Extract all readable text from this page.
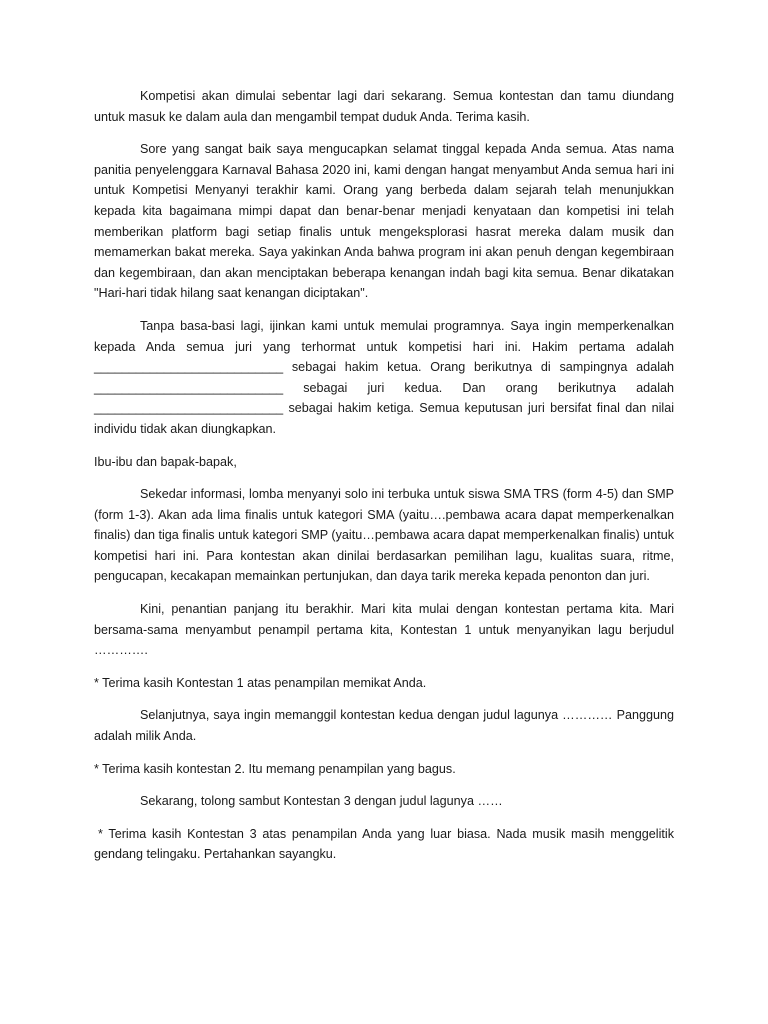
Kompetisi akan dimulai sebentar lagi dari sekarang. Semua kontestan dan tamu diundang untuk masuk ke dalam aula dan mengambil tempat duduk Anda. Terima kasih.

Sore yang sangat baik saya mengucapkan selamat tinggal kepada Anda semua. Atas nama panitia penyelenggara Karnaval Bahasa 2020 ini, kami dengan hangat menyambut Anda semua hari ini untuk Kompetisi Menyanyi terakhir kami. Orang yang berbeda dalam sejarah telah menunjukkan kepada kita bagaimana mimpi dapat dan benar-benar menjadi kenyataan dan kompetisi ini telah memberikan platform bagi setiap finalis untuk mengeksplorasi hasrat mereka dalam musik dan memamerkan bakat mereka. Saya yakinkan Anda bahwa program ini akan penuh dengan kegembiraan dan kegembiraan, dan akan menciptakan beberapa kenangan indah bagi kita semua. Benar dikatakan "Hari-hari tidak hilang saat kenangan diciptakan".

Tanpa basa-basi lagi, ijinkan kami untuk memulai programnya. Saya ingin memperkenalkan kepada Anda semua juri yang terhormat untuk kompetisi hari ini. Hakim pertama adalah ___________________________ sebagai hakim ketua. Orang berikutnya di sampingnya adalah ___________________________ sebagai juri kedua. Dan orang berikutnya adalah ___________________________ sebagai hakim ketiga. Semua keputusan juri bersifat final dan nilai individu tidak akan diungkapkan.

Ibu-ibu dan bapak-bapak,

Sekedar informasi, lomba menyanyi solo ini terbuka untuk siswa SMA TRS (form 4-5) dan SMP (form 1-3). Akan ada lima finalis untuk kategori SMA (yaitu….pembawa acara dapat memperkenalkan finalis) dan tiga finalis untuk kategori SMP (yaitu…pembawa acara dapat memperkenalkan finalis) untuk kompetisi hari ini. Para kontestan akan dinilai berdasarkan pemilihan lagu, kualitas suara, ritme, pengucapan, kecakapan memainkan pertunjukan, dan daya tarik mereka kepada penonton dan juri.

Kini, penantian panjang itu berakhir. Mari kita mulai dengan kontestan pertama kita. Mari bersama-sama menyambut penampil pertama kita, Kontestan 1 untuk menyanyikan lagu berjudul ………….

* Terima kasih Kontestan 1 atas penampilan memikat Anda.

Selanjutnya, saya ingin memanggil kontestan kedua dengan judul lagunya ………… Panggung adalah milik Anda.

* Terima kasih kontestan 2. Itu memang penampilan yang bagus.

Sekarang, tolong sambut Kontestan 3 dengan judul lagunya ……

* Terima kasih Kontestan 3 atas penampilan Anda yang luar biasa. Nada musik masih menggelitik gendang telingaku. Pertahankan sayangku.
